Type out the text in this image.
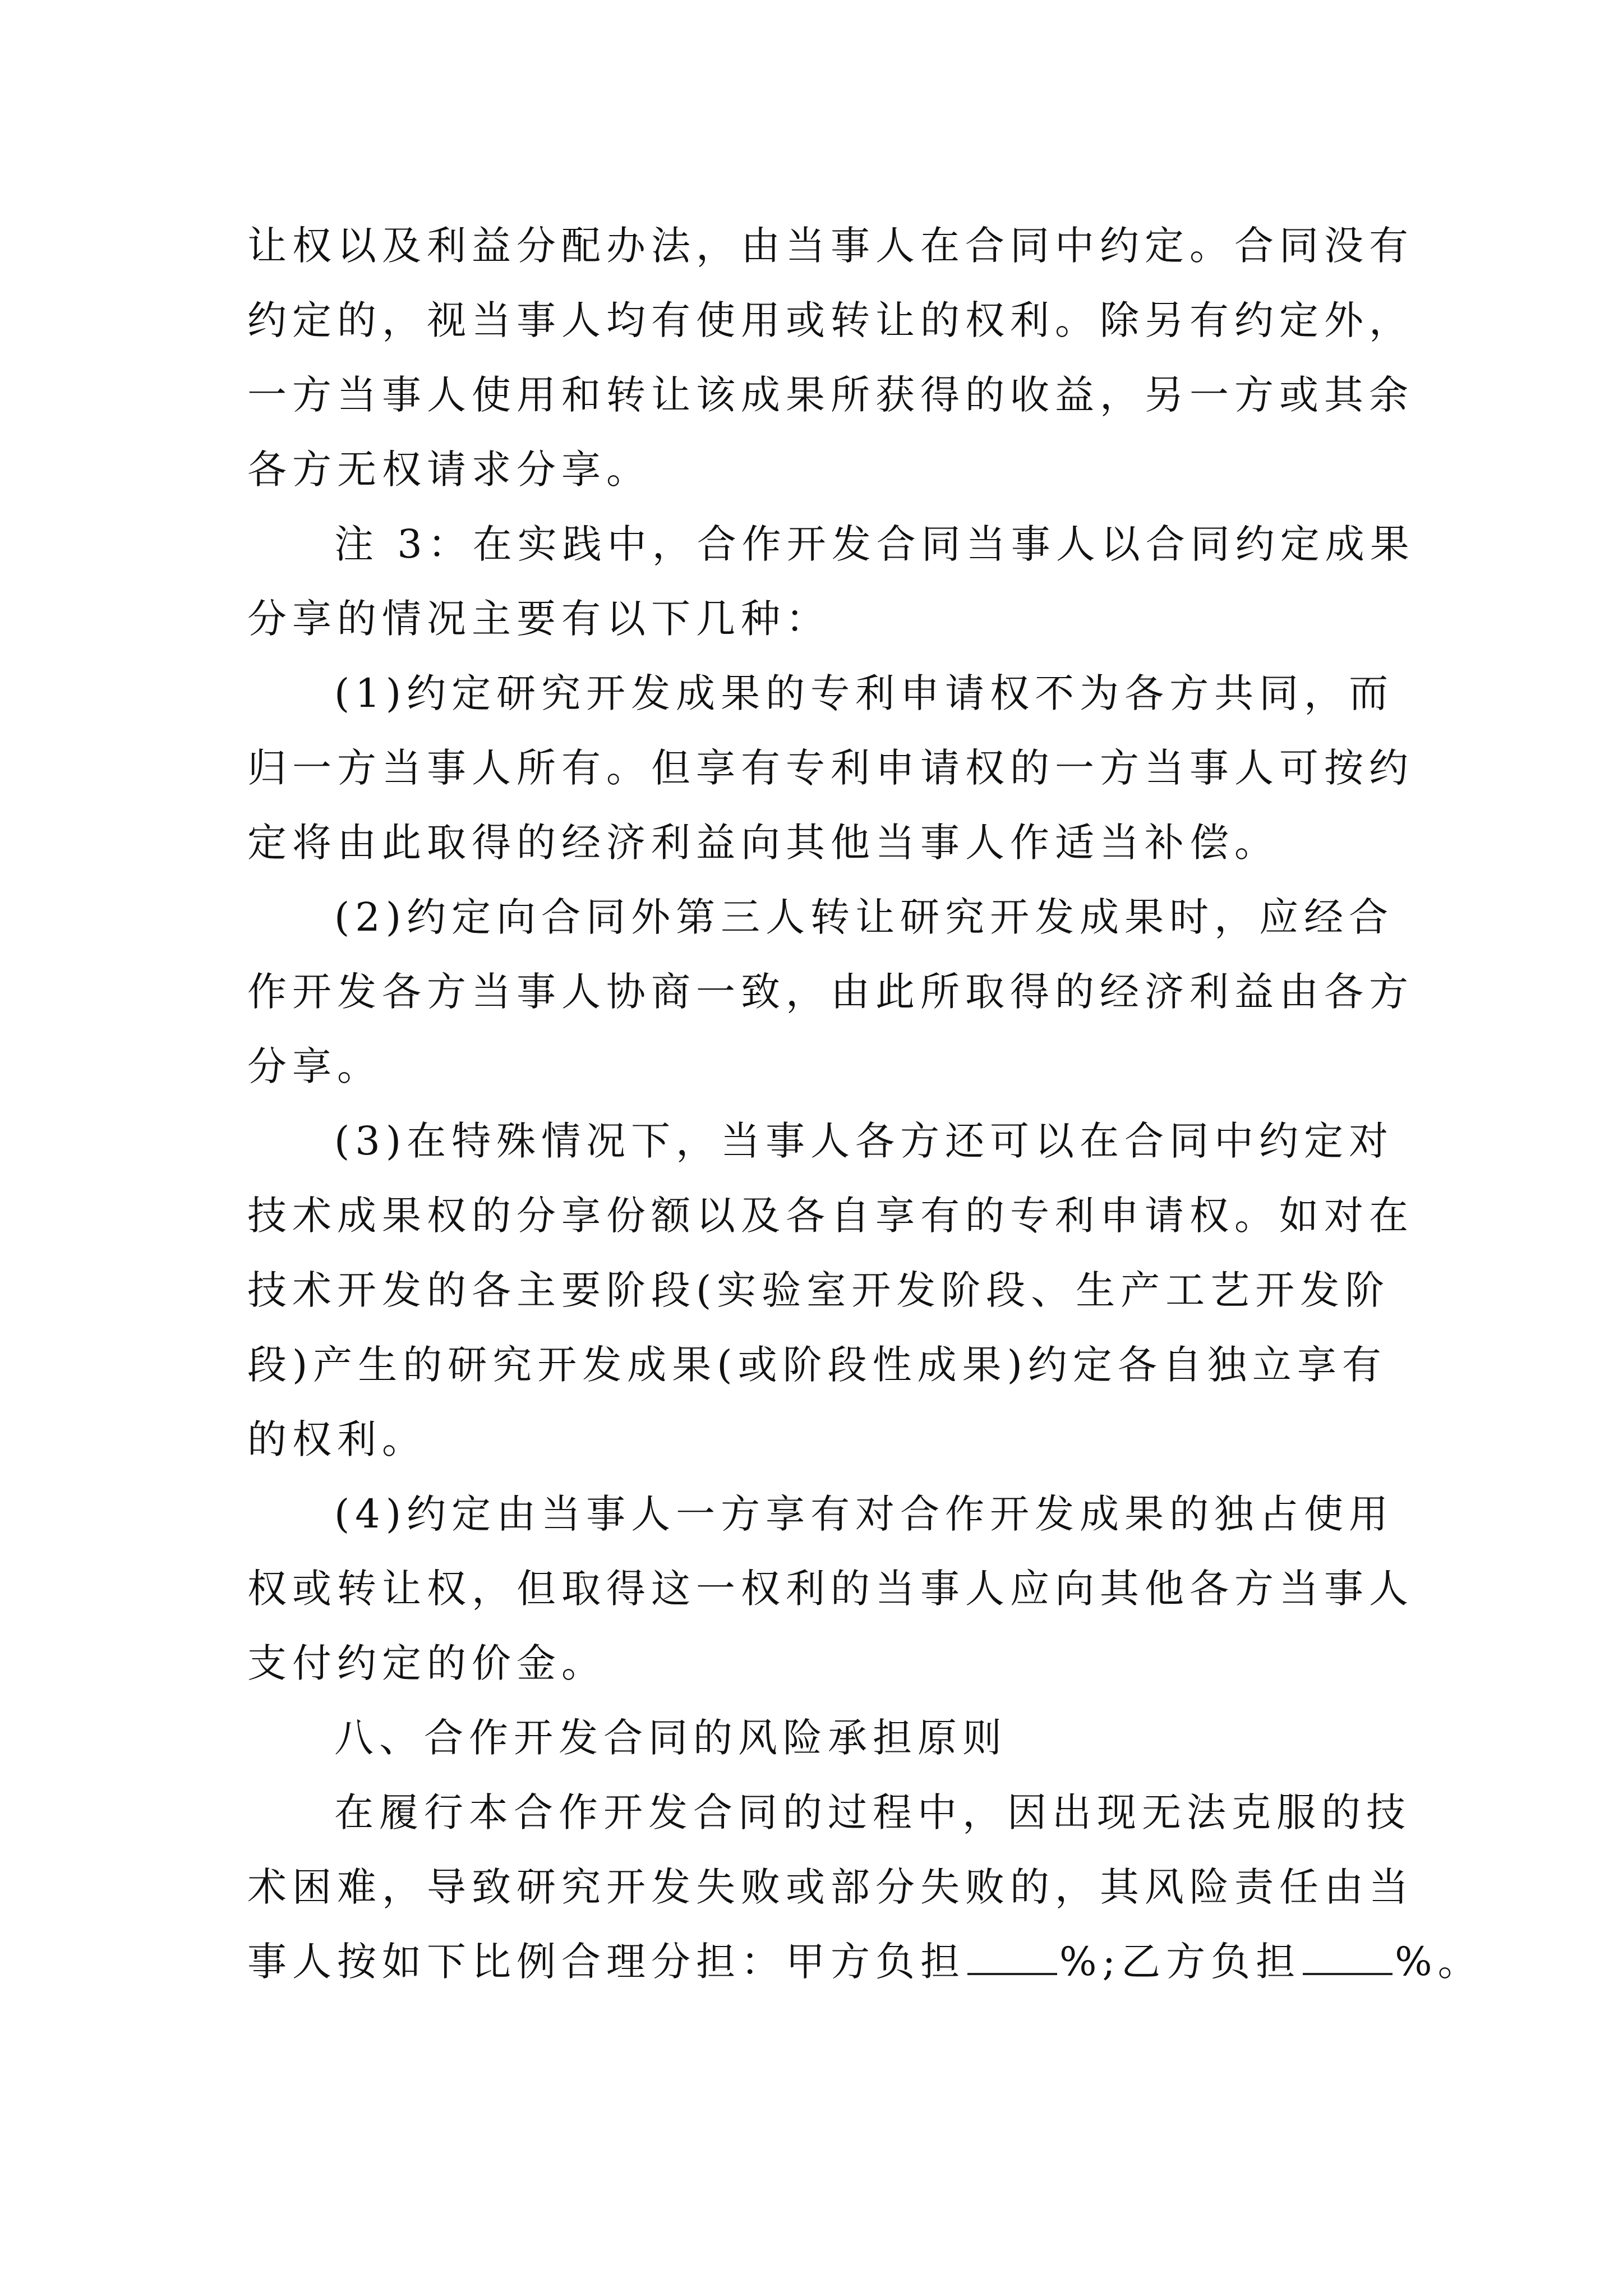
让权以及利益分配办法，由当事人在合同中约定。合同没有
约定的，视当事人均有使用或转让的权利。除另有约定外，
一方当事人使用和转让该成果所获得的收益，另一方或其余
各方无权请求分享。
注 3：在实践中，合作开发合同当事人以合同约定成果
分享的情况主要有以下几种：
(1)约定研究开发成果的专利申请权不为各方共同，而
归一方当事人所有。但享有专利申请权的一方当事人可按约
定将由此取得的经济利益向其他当事人作适当补偿。
(2)约定向合同外第三人转让研究开发成果时，应经合
作开发各方当事人协商一致，由此所取得的经济利益由各方
分享。
(3)在特殊情况下，当事人各方还可以在合同中约定对
技术成果权的分享份额以及各自享有的专利申请权。如对在
技术开发的各主要阶段(实验室开发阶段、生产工艺开发阶
段)产生的研究开发成果(或阶段性成果)约定各自独立享有
的权利。
(4)约定由当事人一方享有对合作开发成果的独占使用
权或转让权，但取得这一权利的当事人应向其他各方当事人
支付约定的价金。
八、合作开发合同的风险承担原则
在履行本合作开发合同的过程中，因出现无法克服的技
术困难，导致研究开发失败或部分失败的，其风险责任由当
事人按如下比例合理分担：甲方负担 %;乙方负担 %。
